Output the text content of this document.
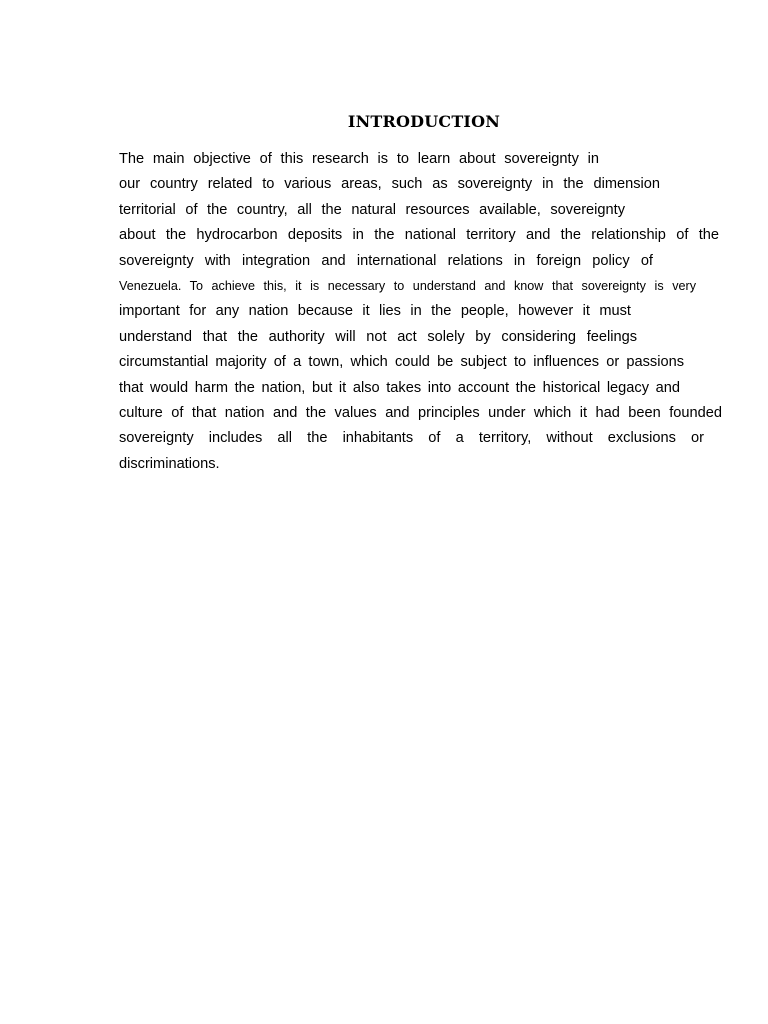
INTRODUCTION
The main objective of this research is to learn about sovereignty in
our country related to various areas, such as sovereignty in the dimension
territorial of the country, all the natural resources available, sovereignty
about the hydrocarbon deposits in the national territory and the relationship of the
sovereignty with integration and international relations in foreign policy of
Venezuela. To achieve this, it is necessary to understand and know that sovereignty is very
important for any nation because it lies in the people, however it must
understand that the authority will not act solely by considering feelings
circumstantial majority of a town, which could be subject to influences or passions
that would harm the nation, but it also takes into account the historical legacy and
culture of that nation and the values and principles under which it had been founded
sovereignty includes all the inhabitants of a territory, without exclusions or
discriminations.
